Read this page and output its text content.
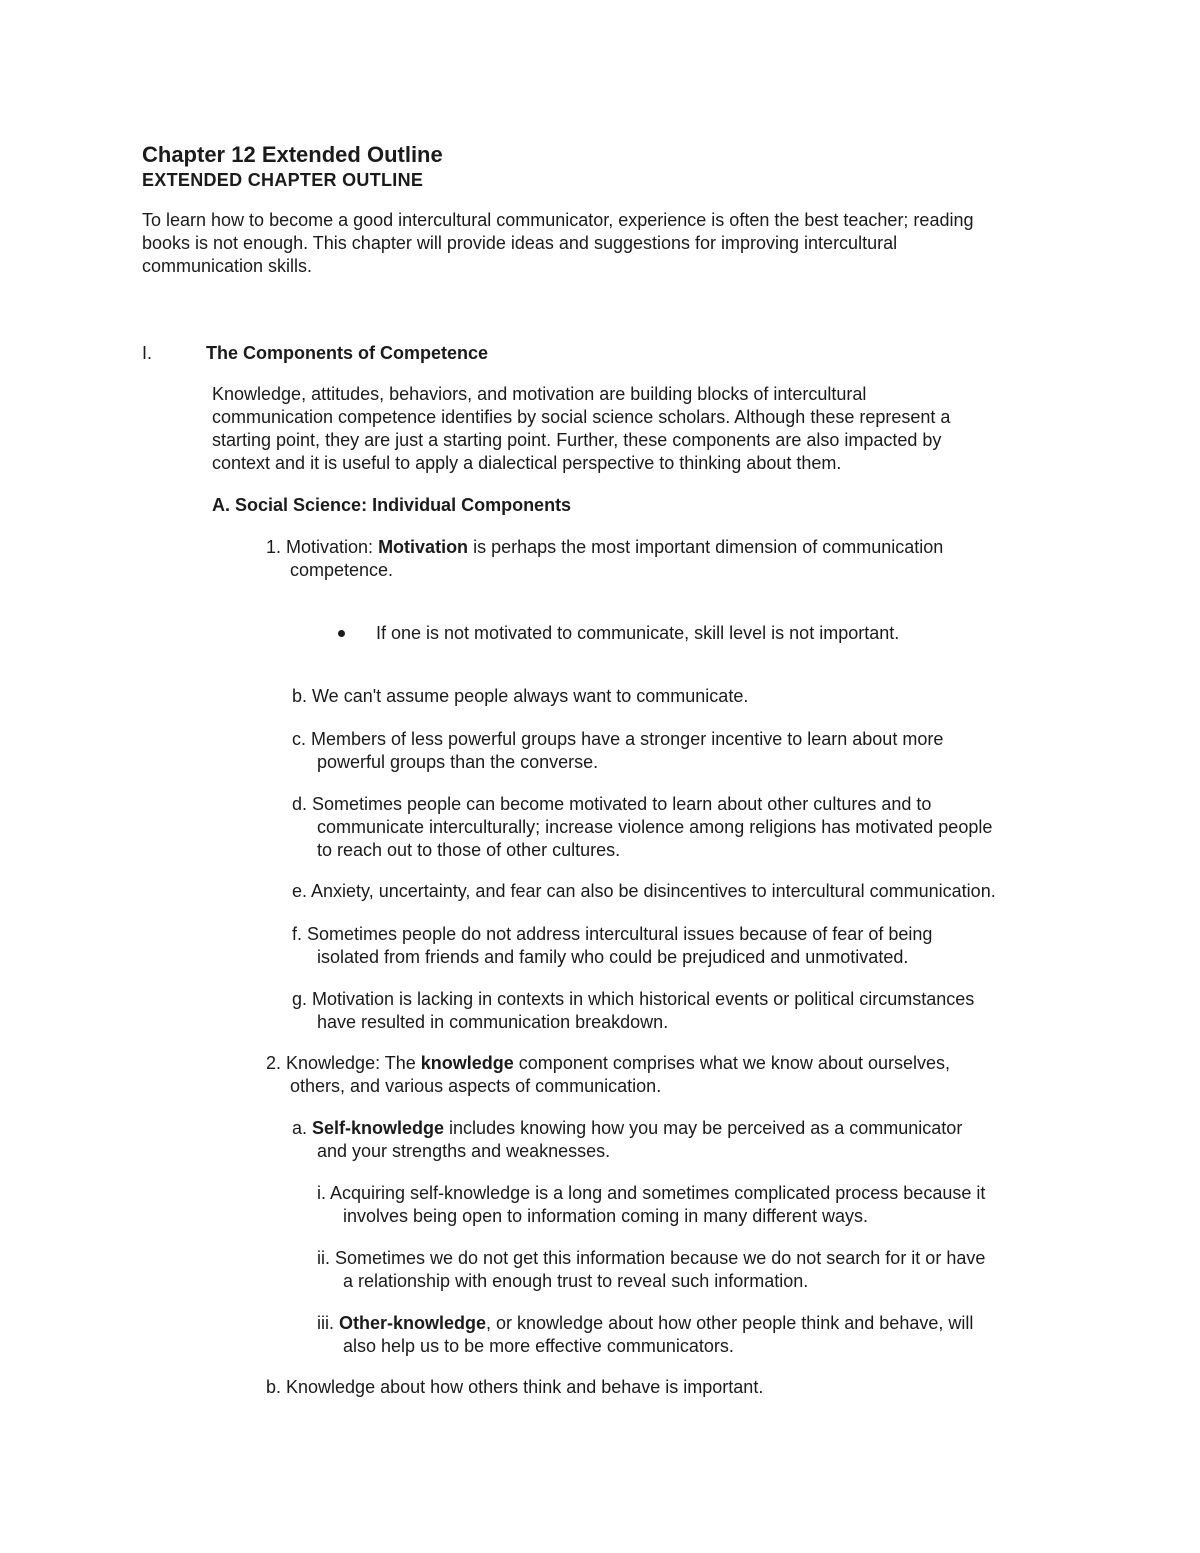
Chapter 12 Extended Outline

EXTENDED CHAPTER OUTLINE

To learn how to become a good intercultural communicator, experience is often the best teacher; reading

books is not enough. This chapter will provide ideas and suggestions for improving intercultural

communication skills.

I.	The Components of Competence

Knowledge, attitudes, behaviors, and motivation are building blocks of intercultural

communication competence identifies by social science scholars. Although these represent a

starting point, they are just a starting point. Further, these components are also impacted by

context and it is useful to apply a dialectical perspective to thinking about them.

A. Social Science: Individual Components

1. Motivation: Motivation is perhaps the most important dimension of communication

competence.

If one is not motivated to communicate, skill level is not important.

b. We can't assume people always want to communicate.

c. Members of less powerful groups have a stronger incentive to learn about more

powerful groups than the converse.

d. Sometimes people can become motivated to learn about other cultures and to

communicate interculturally; increase violence among religions has motivated people

to reach out to those of other cultures.

e. Anxiety, uncertainty, and fear can also be disincentives to intercultural communication.

f. Sometimes people do not address intercultural issues because of fear of being

isolated from friends and family who could be prejudiced and unmotivated.

g. Motivation is lacking in contexts in which historical events or political circumstances

have resulted in communication breakdown.

2. Knowledge: The knowledge component comprises what we know about ourselves,

others, and various aspects of communication.

a. Self-knowledge includes knowing how you may be perceived as a communicator

and your strengths and weaknesses.

i. Acquiring self-knowledge is a long and sometimes complicated process because it

involves being open to information coming in many different ways.

ii. Sometimes we do not get this information because we do not search for it or have

a relationship with enough trust to reveal such information.

iii. Other-knowledge, or knowledge about how other people think and behave, will

also help us to be more effective communicators.

b. Knowledge about how others think and behave is important.
